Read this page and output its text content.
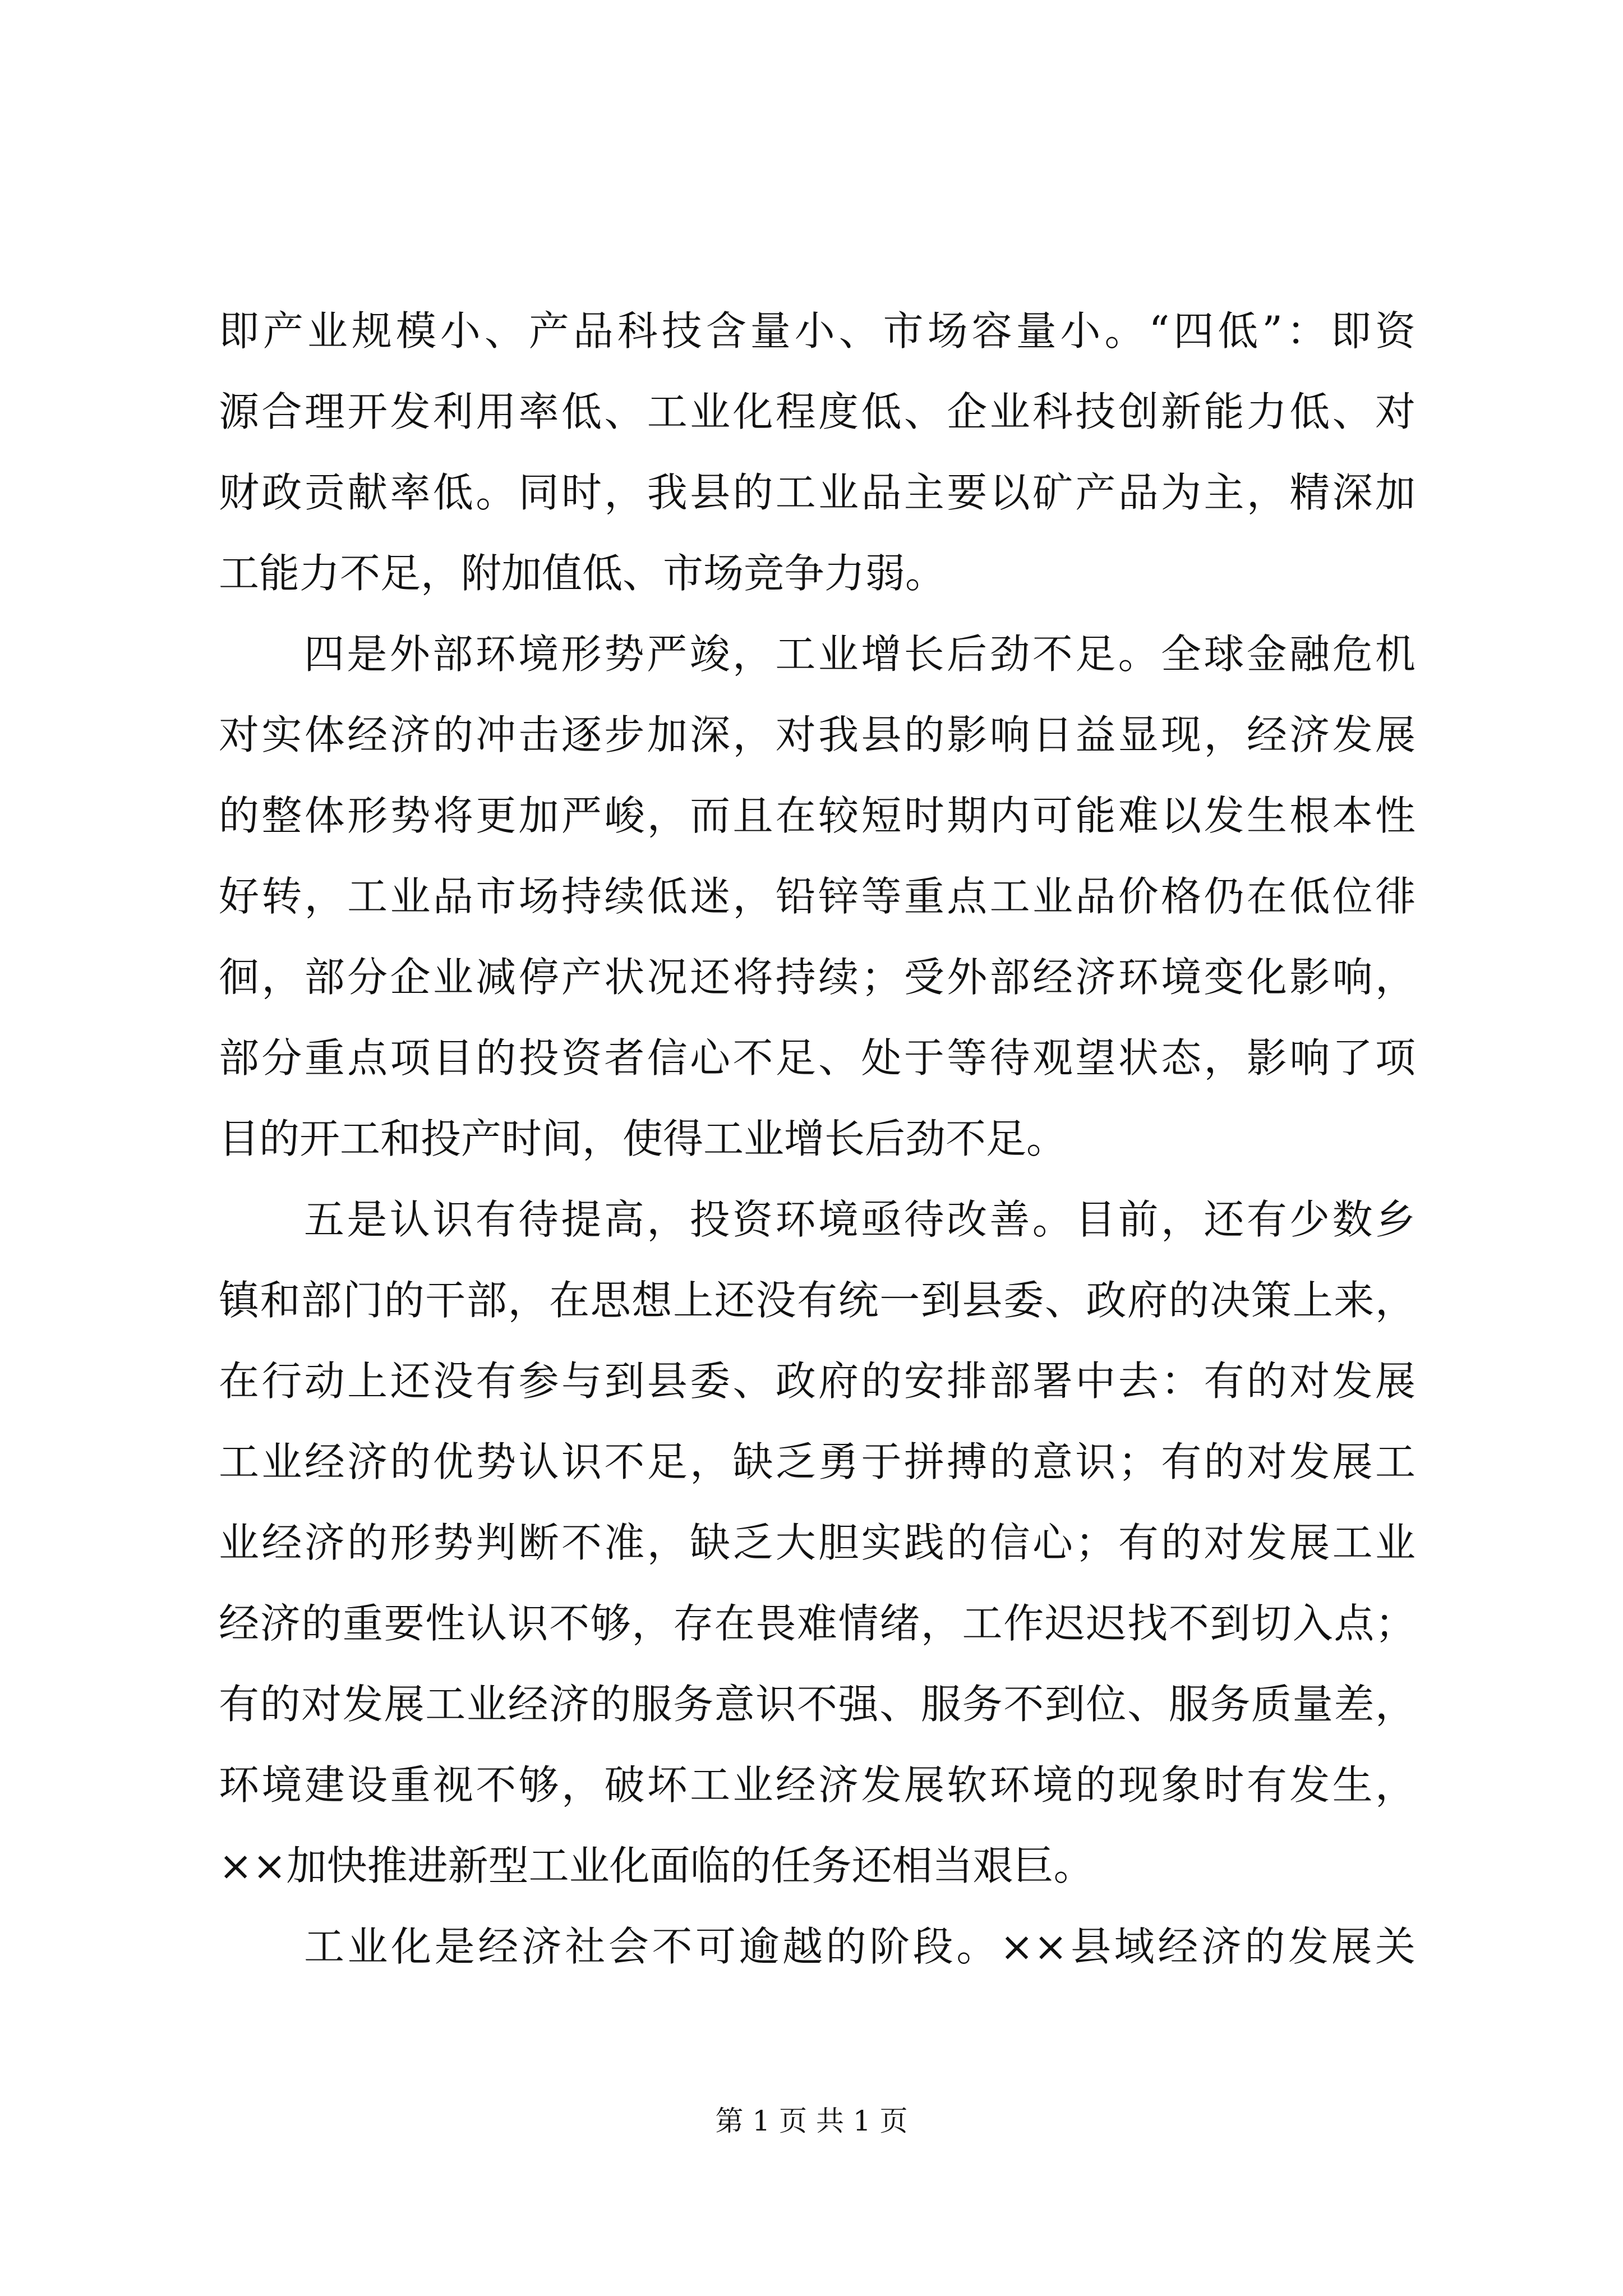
即产业规模小、产品科技含量小、市场容量小。“四低”：即资
源合理开发利用率低、工业化程度低、企业科技创新能力低、对
财政贡献率低。同时，我县的工业品主要以矿产品为主，精深加
工能力不足，附加值低、市场竞争力弱。
四是外部环境形势严竣，工业增长后劲不足。全球金融危机
对实体经济的冲击逐步加深，对我县的影响日益显现，经济发展
的整体形势将更加严峻，而且在较短时期内可能难以发生根本性
好转，工业品市场持续低迷，铅锌等重点工业品价格仍在低位徘
徊，部分企业减停产状况还将持续；受外部经济环境变化影响，
部分重点项目的投资者信心不足、处于等待观望状态，影响了项
目的开工和投产时间，使得工业增长后劲不足。
五是认识有待提高，投资环境亟待改善。目前，还有少数乡
镇和部门的干部，在思想上还没有统一到县委、政府的决策上来，
在行动上还没有参与到县委、政府的安排部署中去：有的对发展
工业经济的优势认识不足，缺乏勇于拼搏的意识；有的对发展工
业经济的形势判断不准，缺乏大胆实践的信心；有的对发展工业
经济的重要性认识不够，存在畏难情绪，工作迟迟找不到切入点；
有的对发展工业经济的服务意识不强、服务不到位、服务质量差，
环境建设重视不够，破坏工业经济发展软环境的现象时有发生，
××加快推进新型工业化面临的任务还相当艰巨。
工业化是经济社会不可逾越的阶段。××县域经济的发展关
第 1 页 共 1 页
